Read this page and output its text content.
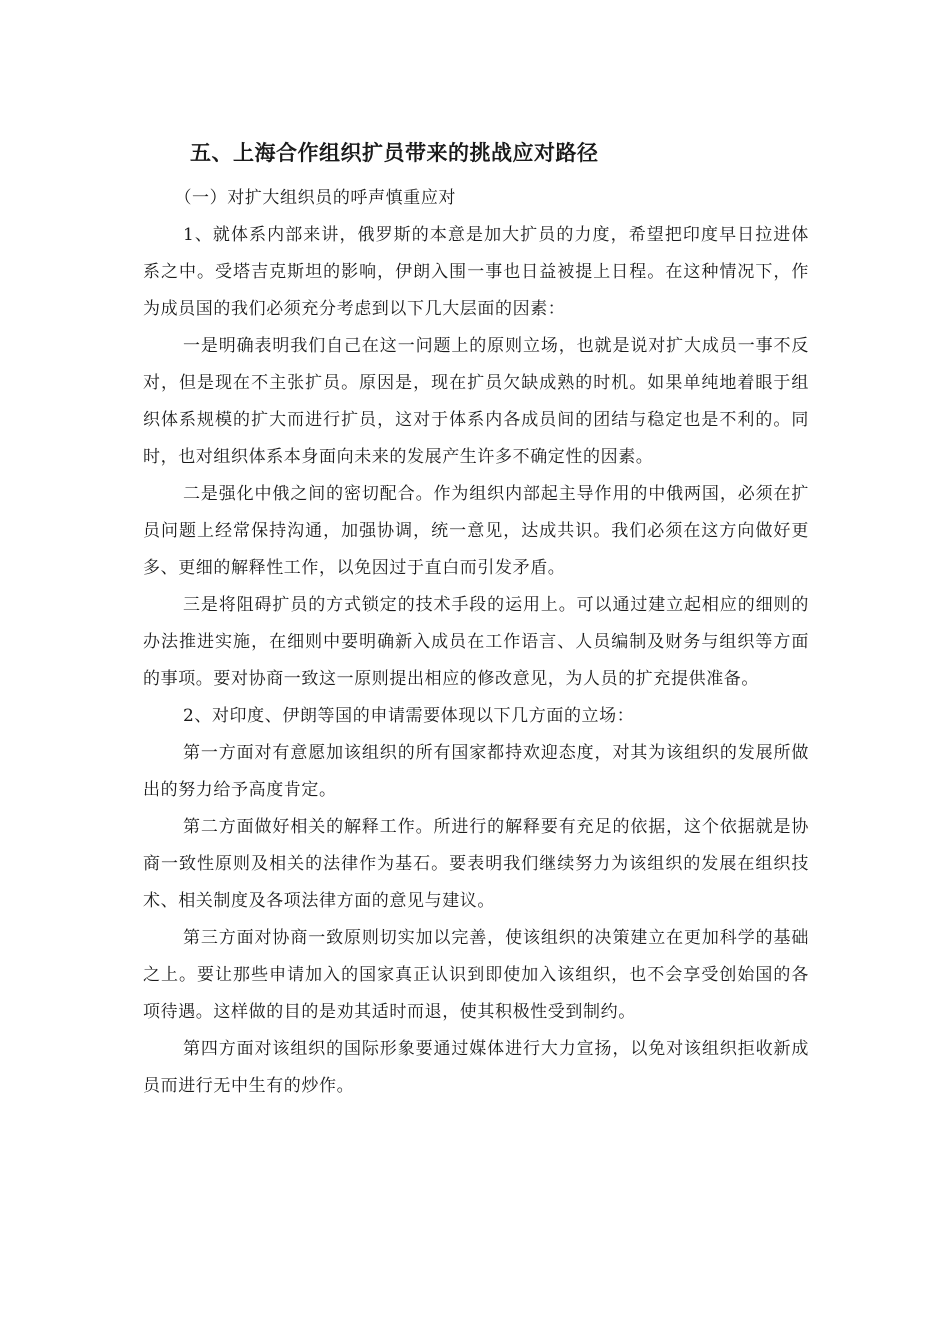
五、上海合作组织扩员带来的挑战应对路径

（一）对扩大组织员的呼声慎重应对

1、就体系内部来讲，俄罗斯的本意是加大扩员的力度，希望把印度早日拉进体系之中。受塔吉克斯坦的影响，伊朗入围一事也日益被提上日程。在这种情况下，作为成员国的我们必须充分考虑到以下几大层面的因素：

一是明确表明我们自己在这一问题上的原则立场，也就是说对扩大成员一事不反对，但是现在不主张扩员。原因是，现在扩员欠缺成熟的时机。如果单纯地着眼于组织体系规模的扩大而进行扩员，这对于体系内各成员间的团结与稳定也是不利的。同时，也对组织体系本身面向未来的发展产生许多不确定性的因素。

二是强化中俄之间的密切配合。作为组织内部起主导作用的中俄两国，必须在扩员问题上经常保持沟通，加强协调，统一意见，达成共识。我们必须在这方向做好更多、更细的解释性工作，以免因过于直白而引发矛盾。

三是将阻碍扩员的方式锁定的技术手段的运用上。可以通过建立起相应的细则的办法推进实施，在细则中要明确新入成员在工作语言、人员编制及财务与组织等方面的事项。要对协商一致这一原则提出相应的修改意见，为人员的扩充提供准备。

2、对印度、伊朗等国的申请需要体现以下几方面的立场：

第一方面对有意愿加该组织的所有国家都持欢迎态度，对其为该组织的发展所做出的努力给予高度肯定。

第二方面做好相关的解释工作。所进行的解释要有充足的依据，这个依据就是协商一致性原则及相关的法律作为基石。要表明我们继续努力为该组织的发展在组织技术、相关制度及各项法律方面的意见与建议。

第三方面对协商一致原则切实加以完善，使该组织的决策建立在更加科学的基础之上。要让那些申请加入的国家真正认识到即使加入该组织，也不会享受创始国的各项待遇。这样做的目的是劝其适时而退，使其积极性受到制约。

第四方面对该组织的国际形象要通过媒体进行大力宣扬，以免对该组织拒收新成员而进行无中生有的炒作。
